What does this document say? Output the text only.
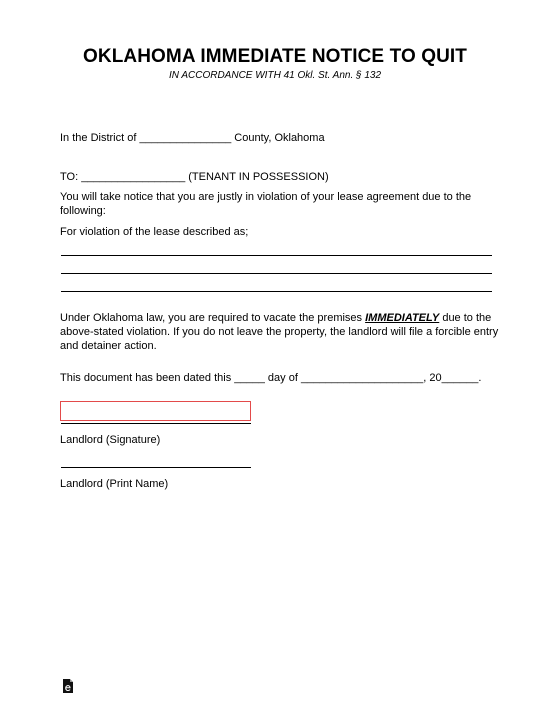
OKLAHOMA IMMEDIATE NOTICE TO QUIT
IN ACCORDANCE WITH 41 Okl. St. Ann. § 132
In the District of _______________ County, Oklahoma
TO: _________________ (TENANT IN POSSESSION)
You will take notice that you are justly in violation of your lease agreement due to the following:
For violation of the lease described as;
Under Oklahoma law, you are required to vacate the premises IMMEDIATELY due to the above-stated violation. If you do not leave the property, the landlord will file a forcible entry and detainer action.
This document has been dated this _____ day of ____________________, 20______.
Landlord (Signature)
Landlord (Print Name)
